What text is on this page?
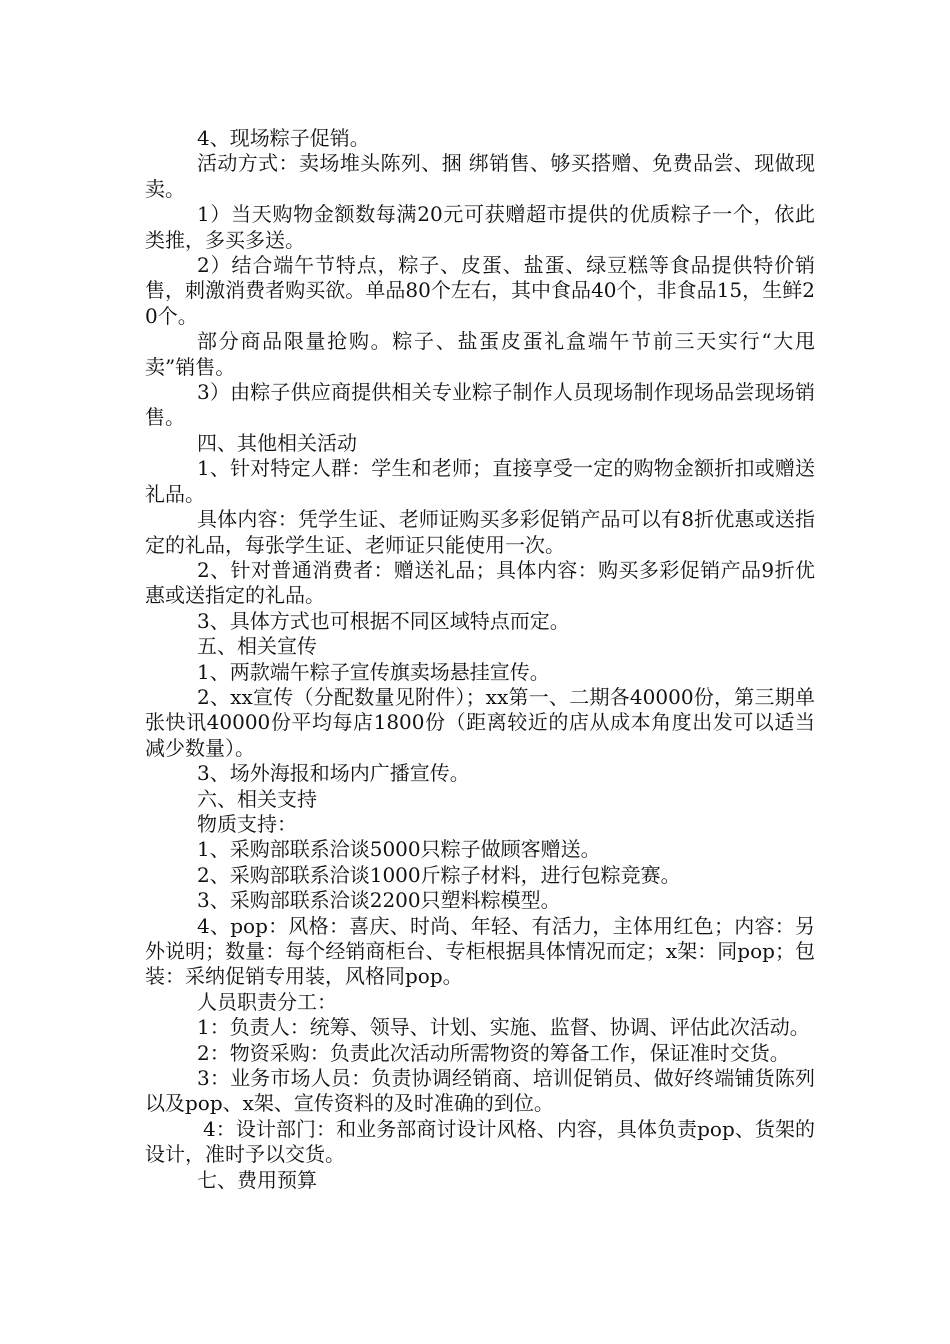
4、现场粽子促销。

活动方式：卖场堆头陈列、捆 绑销售、够买搭赠、免费品尝、现做现卖。

1）当天购物金额数每满20元可获赠超市提供的优质粽子一个，依此类推，多买多送。

2）结合端午节特点，粽子、皮蛋、盐蛋、绿豆糕等食品提供特价销售，刺激消费者购买欲。单品80个左右，其中食品40个，非食品15，生鲜20个。

部分商品限量抢购。粽子、盐蛋皮蛋礼盒端午节前三天实行“大甩卖”销售。

3）由粽子供应商提供相关专业粽子制作人员现场制作现场品尝现场销售。

四、其他相关活动

1、针对特定人群：学生和老师；直接享受一定的购物金额折扣或赠送礼品。

具体内容：凭学生证、老师证购买多彩促销产品可以有8折优惠或送指定的礼品，每张学生证、老师证只能使用一次。

2、针对普通消费者：赠送礼品；具体内容：购买多彩促销产品9折优惠或送指定的礼品。

3、具体方式也可根据不同区域特点而定。

五、相关宣传

1、两款端午粽子宣传旗卖场悬挂宣传。

2、xx宣传（分配数量见附件）；xx第一、二期各40000份，第三期单张快讯40000份平均每店1800份（距离较近的店从成本角度出发可以适当减少数量）。

3、场外海报和场内广播宣传。

六、相关支持

物质支持：

1、采购部联系洽谈5000只粽子做顾客赠送。

2、采购部联系洽谈1000斤粽子材料，进行包粽竞赛。

3、采购部联系洽谈2200只塑料粽模型。

4、pop：风格：喜庆、时尚、年轻、有活力，主体用红色；内容：另外说明；数量：每个经销商柜台、专柜根据具体情况而定；x架：同pop；包装：采纳促销专用装，风格同pop。

人员职责分工：

1：负责人：统筹、领导、计划、实施、监督、协调、评估此次活动。

2：物资采购：负责此次活动所需物资的筹备工作，保证准时交货。

3：业务市场人员：负责协调经销商、培训促销员、做好终端铺货陈列以及pop、x架、宣传资料的及时准确的到位。

4：设计部门：和业务部商讨设计风格、内容，具体负责pop、货架的设计，准时予以交货。

七、费用预算
